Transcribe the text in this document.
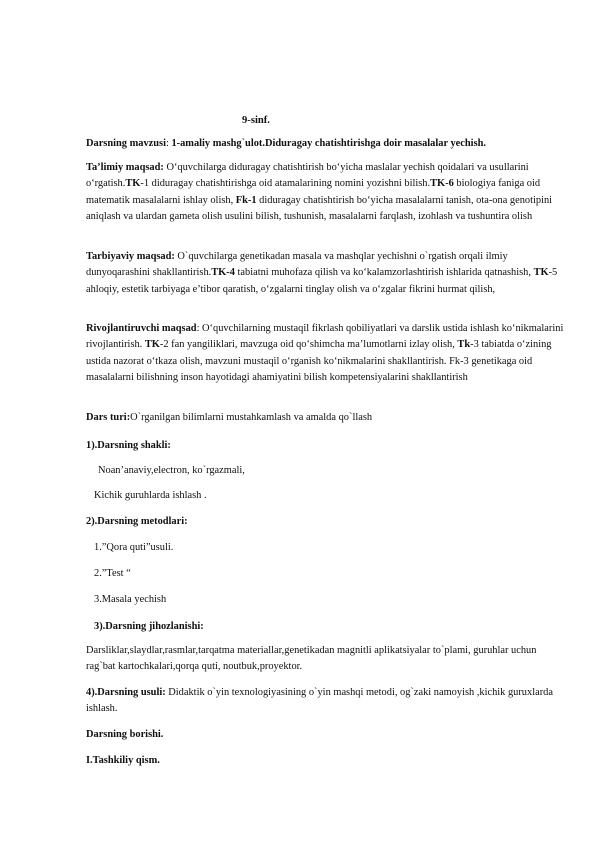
9-sinf.

Darsning mavzusi: 1-amaliy mashg`ulot.Diduragay chatishtirishga doir masalalar yechish.

Ta’limiy maqsad: O‘quvchilarga diduragay chatishtirish bo‘yicha maslalar yechish qoidalari va usullarini o‘rgatish.TK-1 diduragay chatishtirishga oid atamalarining nomini yozishni bilish.TK-6 biologiya faniga oid matematik masalalarni ishlay olish, Fk-1 diduragay chatishtirish bo‘yicha masalalarni tanish, ota-ona genotipini aniqlash va ulardan gameta olish usulini bilish, tushunish, masalalarni farqlash, izohlash va tushuntira olish

Tarbiyaviy maqsad: O`quvchilarga genetikadan masala va mashqlar yechishni o`rgatish orqali ilmiy dunyoqarashini shakllantirish.TK-4 tabiatni muhofaza qilish va ko‘kalamzorlashtirish ishlarida qatnashish, TK-5 ahloqiy, estetik tarbiyaga e’tibor qaratish, o‘zgalarni tinglay olish va o‘zgalar fikrini hurmat qilish,

Rivojlantiruvchi maqsad: O‘quvchilarning mustaqil fikrlash qobiliyatlari va darslik ustida ishlash ko‘nikmalarini rivojlantirish. TK-2 fan yangiliklari, mavzuga oid qo‘shimcha ma’lumotlarni izlay olish, Tk-3 tabiatda o‘zining ustida nazorat o‘tkaza olish, mavzuni mustaqil o‘rganish ko‘nikmalarini shakllantirish. Fk-3 genetikaga oid masalalarni bilishning inson hayotidagi ahamiyatini bilish kompetensiyalarini shakllantirish

Dars turi:O`rganilgan bilimlarni mustahkamlash va amalda qo`llash

1).Darsning shakli:

Noan’anaviy,electron, ko`rgazmali,

Kichik guruhlarda ishlash .

2).Darsning metodlari:

1.”Qora quti”usuli.

2.”Test “

3.Masala yechish

3).Darsning jihozlanishi:

Darsliklar,slaydlar,rasmlar,tarqatma materiallar,genetikadan magnitli aplikatsiyalar to`plami, guruhlar uchun rag`bat kartochkalari,qorqa quti, noutbuk,proyektor.

4).Darsning usuli: Didaktik o`yin texnologiyasining o`yin mashqi metodi, og`zaki namoyish ,kichik guruxlarda ishlash.

Darsning borishi.

I.Tashkiliy qism.
